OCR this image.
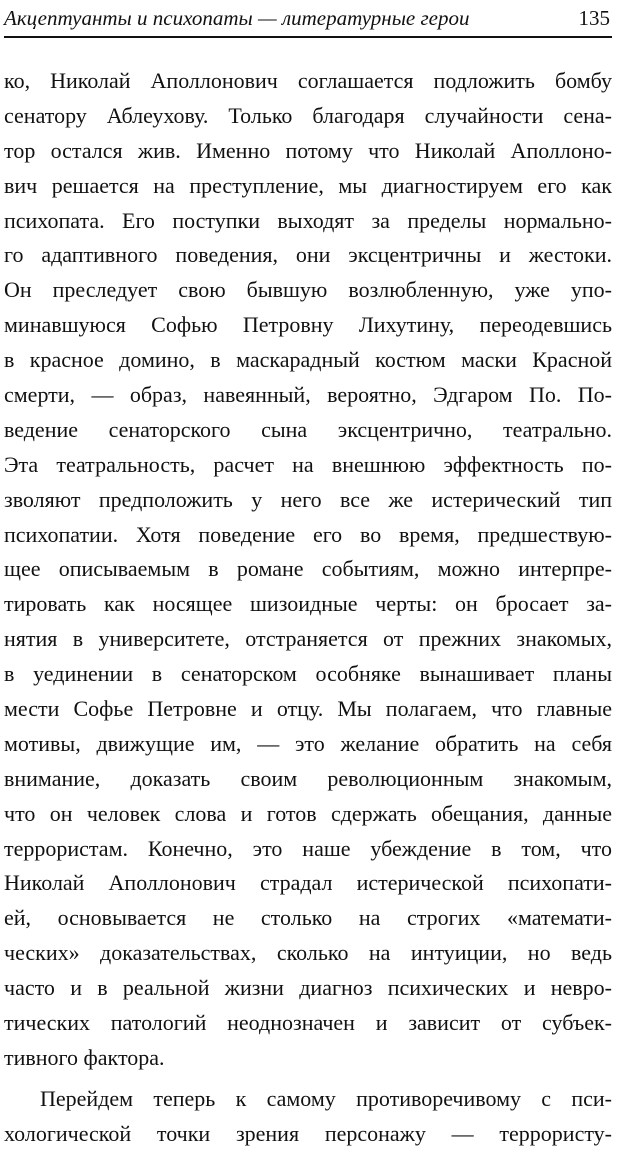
Акцептуанты и психопаты — литературные герои	135
ко, Николай Аполлонович соглашается подложить бомбу
сенатору Аблеухову. Только благодаря случайности сена-
тор остался жив. Именно потому что Николай Аполлоно-
вич решается на преступление, мы диагностируем его как
психопата. Его поступки выходят за пределы нормально-
го адаптивного поведения, они эксцентричны и жестоки.
Он преследует свою бывшую возлюбленную, уже упо-
минавшуюся Софью Петровну Лихутину, переодевшись
в красное домино, в маскарадный костюм маски Красной
смерти, — образ, навеянный, вероятно, Эдгаром По. По-
ведение сенаторского сына эксцентрично, театрально.
Эта театральность, расчет на внешнюю эффектность по-
зволяют предположить у него все же истерический тип
психопатии. Хотя поведение его во время, предшествую-
щее описываемым в романе событиям, можно интерпре-
тировать как носящее шизоидные черты: он бросает за-
нятия в университете, отстраняется от прежних знакомых,
в уединении в сенаторском особняке вынашивает планы
мести Софье Петровне и отцу. Мы полагаем, что главные
мотивы, движущие им, — это желание обратить на себя
внимание, доказать своим революционным знакомым,
что он человек слова и готов сдержать обещания, данные
террористам. Конечно, это наше убеждение в том, что
Николай Аполлонович страдал истерической психопати-
ей, основывается не столько на строгих «математи-
ческих» доказательствах, сколько на интуиции, но ведь
часто и в реальной жизни диагноз психических и невро-
тических патологий неоднозначен и зависит от субъек-
тивного фактора.
Перейдем теперь к самому противоречивому с пси-
хологической точки зрения персонажу — террористу-
